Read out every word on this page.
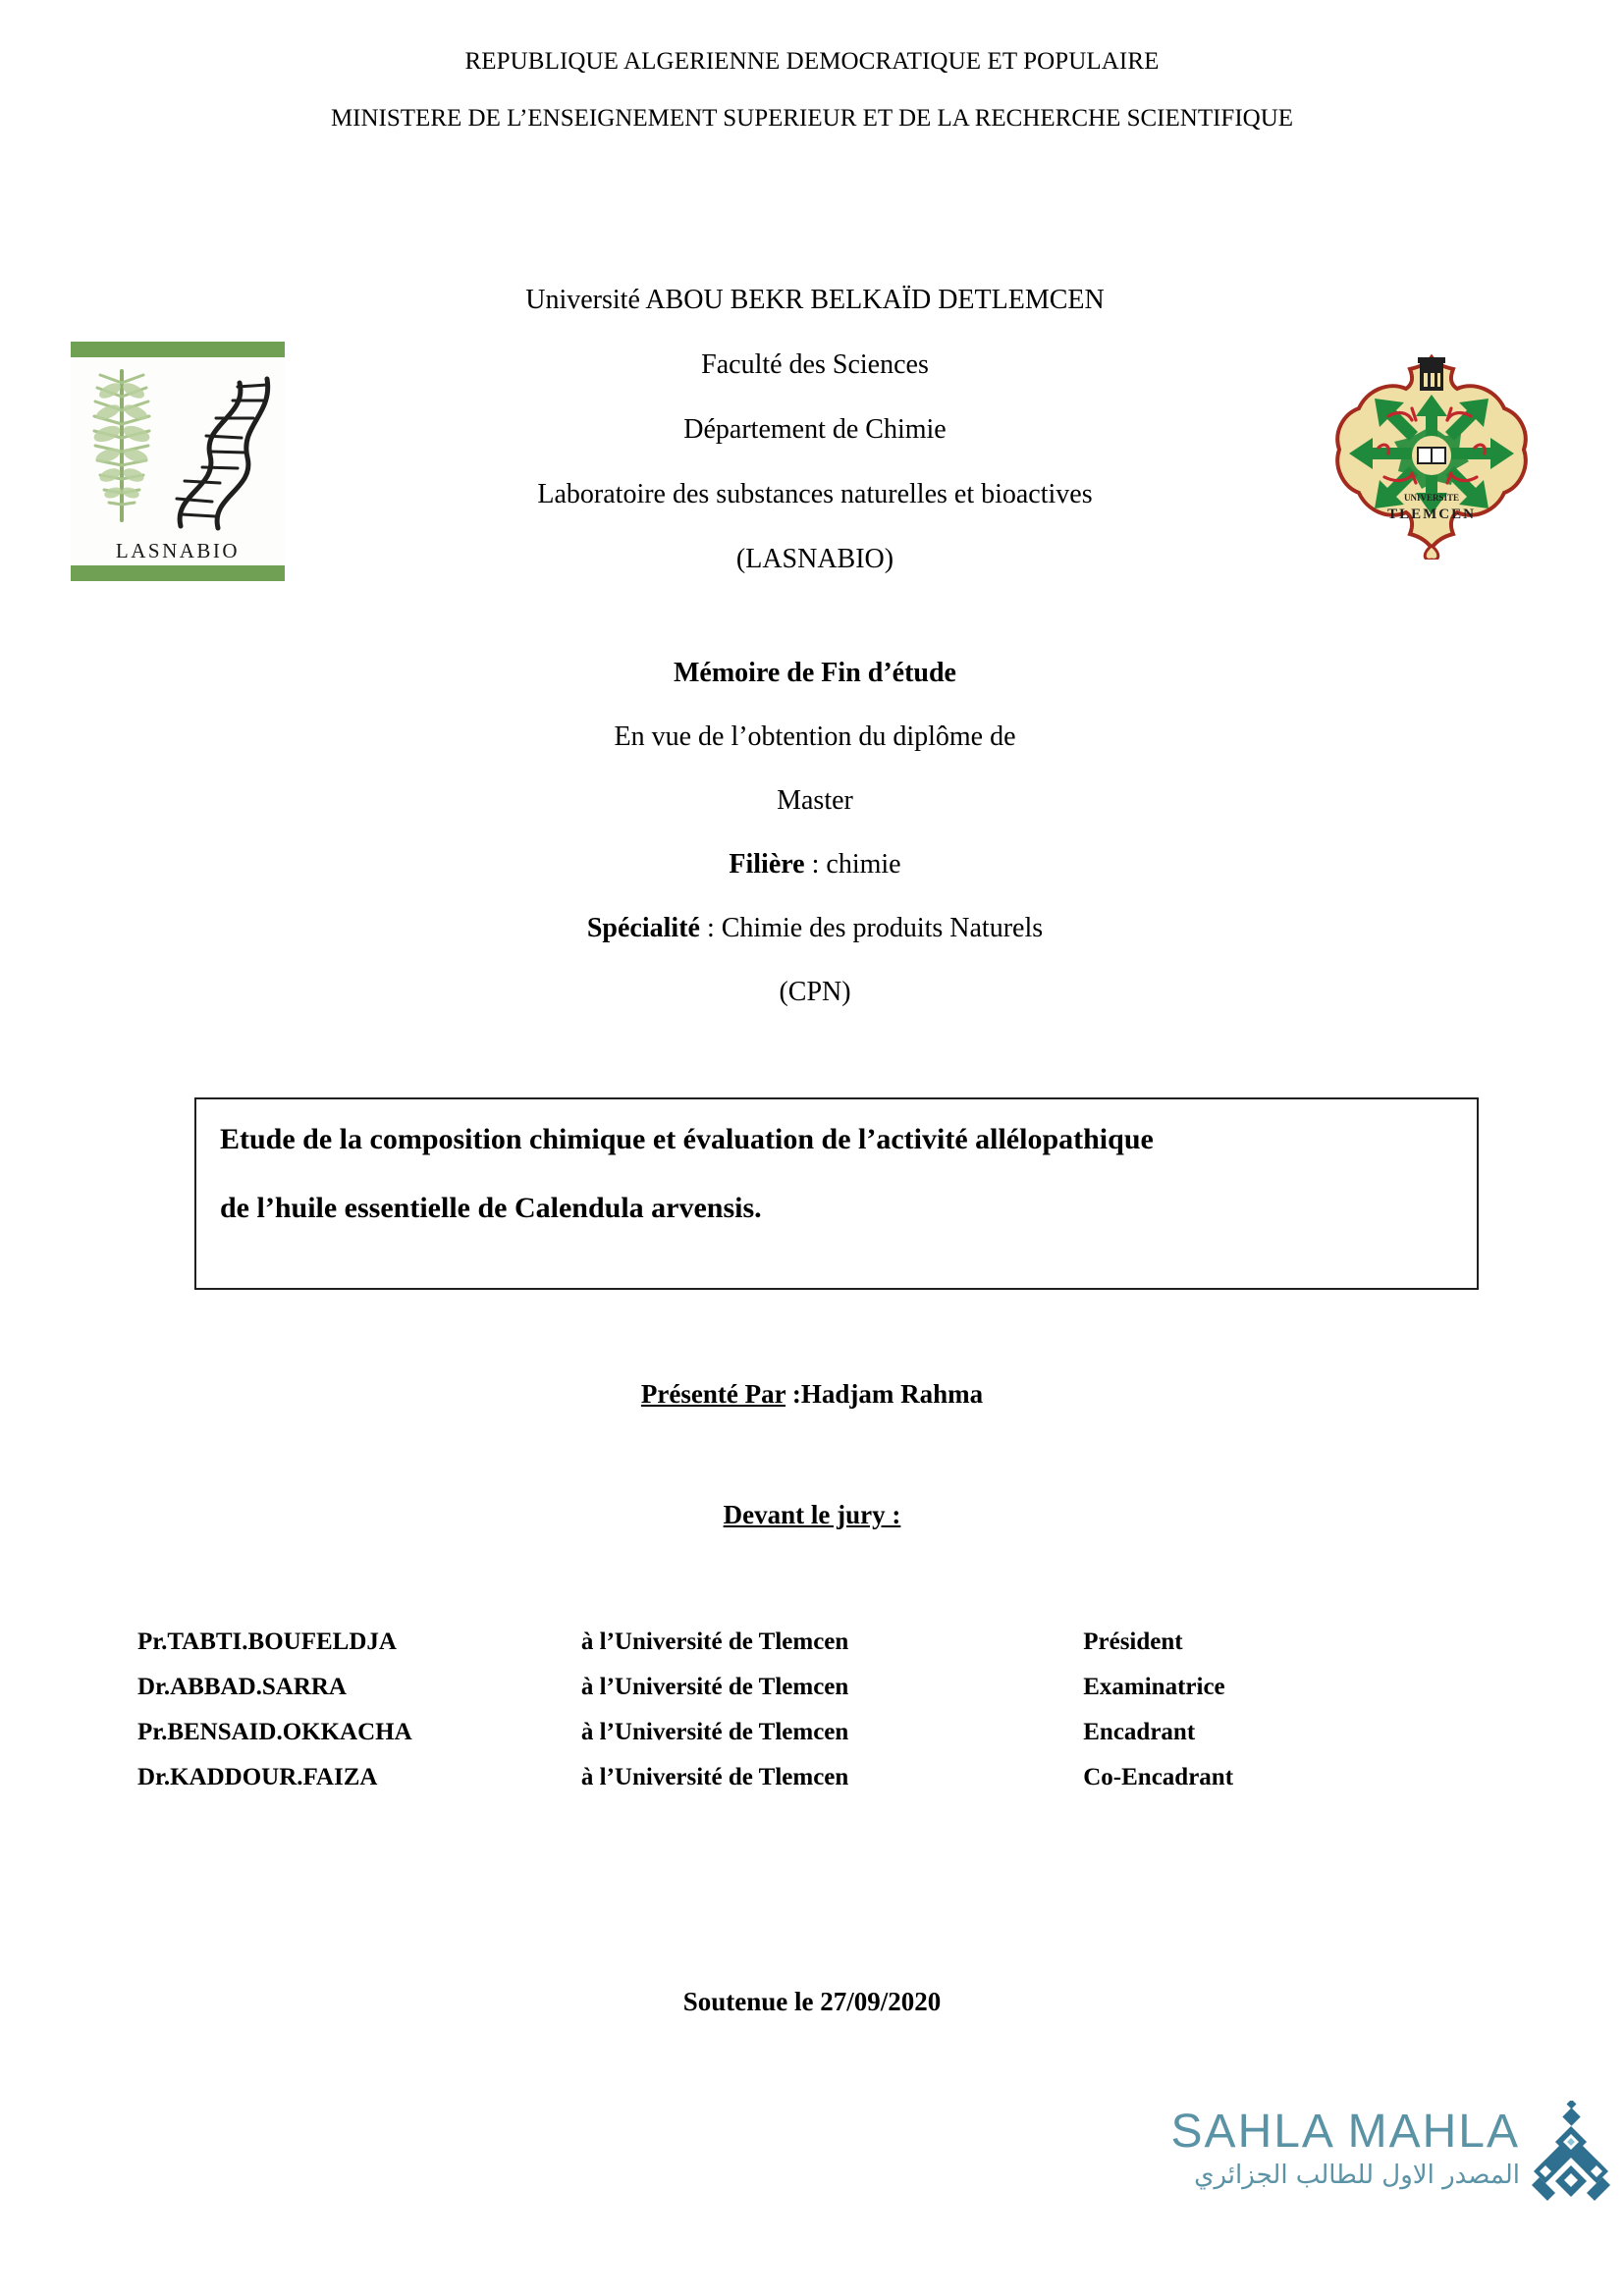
REPUBLIQUE ALGERIENNE DEMOCRATIQUE ET POPULAIRE
MINISTERE DE L’ENSEIGNEMENT SUPERIEUR ET DE LA RECHERCHE SCIENTIFIQUE
LASNABIO
UNIVERSITE
TLEMCEN
Université ABOU BEKR BELKAÏD DETLEMCEN
Faculté des Sciences
Département de Chimie
Laboratoire des substances naturelles et bioactives
(LASNABIO)
Mémoire de Fin d’étude
En vue de l’obtention du diplôme de
Master
Filière : chimie
Spécialité : Chimie des produits Naturels
(CPN)
Etude de la composition chimique et évaluation de l’activité allélopathique
de l’huile essentielle de Calendula arvensis.
Présenté Par :Hadjam Rahma
Devant le jury :
Pr.TABTI.BOUFELDJA	à l’Université de Tlemcen	Président
Dr.ABBAD.SARRA	à l’Université de Tlemcen	Examinatrice
Pr.BENSAID.OKKACHA	à l’Université de Tlemcen	Encadrant
Dr.KADDOUR.FAIZA	à l’Université de Tlemcen	Co-Encadrant
Soutenue le 27/09/2020
SAHLA MAHLA
المصدر الاول للطالب الجزائري
